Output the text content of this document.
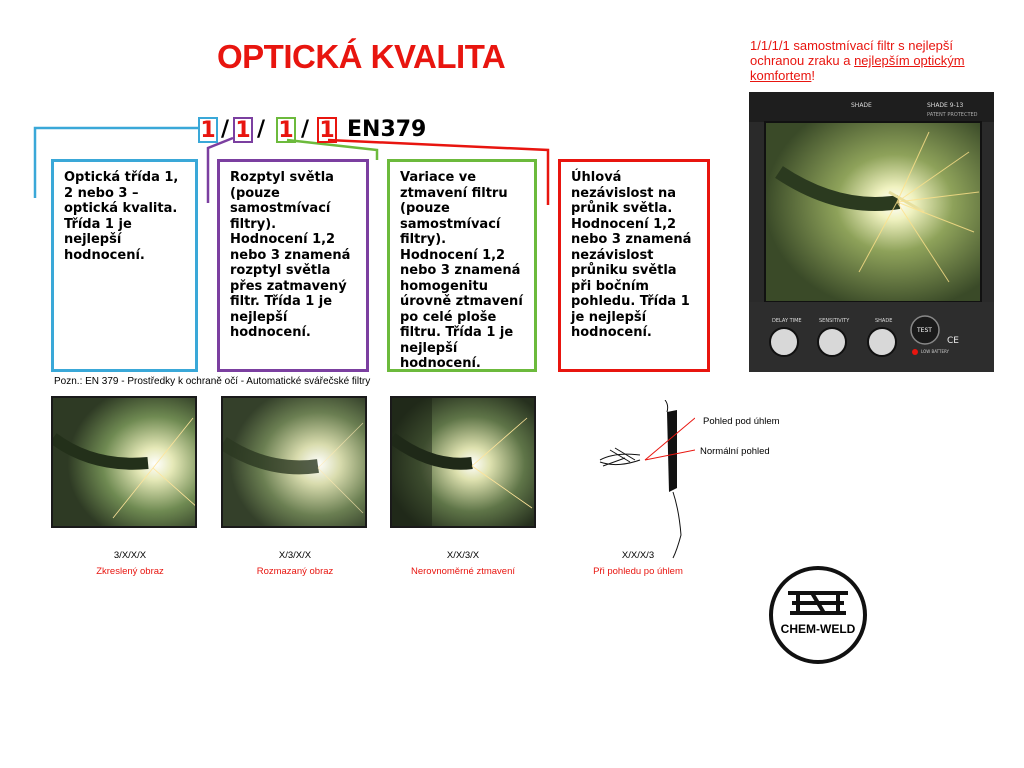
OPTICKÁ KVALITA	1/1/1/1 samostmívací filtr s nejlepší ochranou zraku a nejlepším optickým komfortem!
1 / 1 / 1 / 1 EN379
Optická třída 1, 2 nebo 3 – optická kvalita. Třída 1 je nejlepší hodnocení.
Rozptyl světla (pouze samostmívací filtry). Hodnocení 1,2 nebo 3 znamená rozptyl světla přes zatmavený filtr. Třída 1 je nejlepší hodnocení.
Variace ve ztmavení filtru (pouze samostmívací filtry). Hodnocení 1,2 nebo 3 znamená homogenitu úrovně ztmavení po celé ploše filtru. Třída 1 je nejlepší hodnocení.
Úhlová nezávislost na průnik světla. Hodnocení 1,2 nebo 3 znamená nezávislost průniku světla při bočním pohledu. Třída 1 je nejlepší hodnocení.
Pozn.: EN 379 - Prostředky k ochraně očí - Automatické svářečské filtry
SHADE	SHADE 9-13
PATENT PROTECTED
DELAY TIME	SENSITIVITY	SHADE
TEST
LOW BATTERY
CE
Pohled pod úhlem
Normální pohled
3/X/X/X
Zkreslený obraz
X/3/X/X
Rozmazaný obraz
X/X/3/X
Nerovnoměrné ztmavení
X/X/X/3
Při pohledu po úhlem
CHEM-WELD
